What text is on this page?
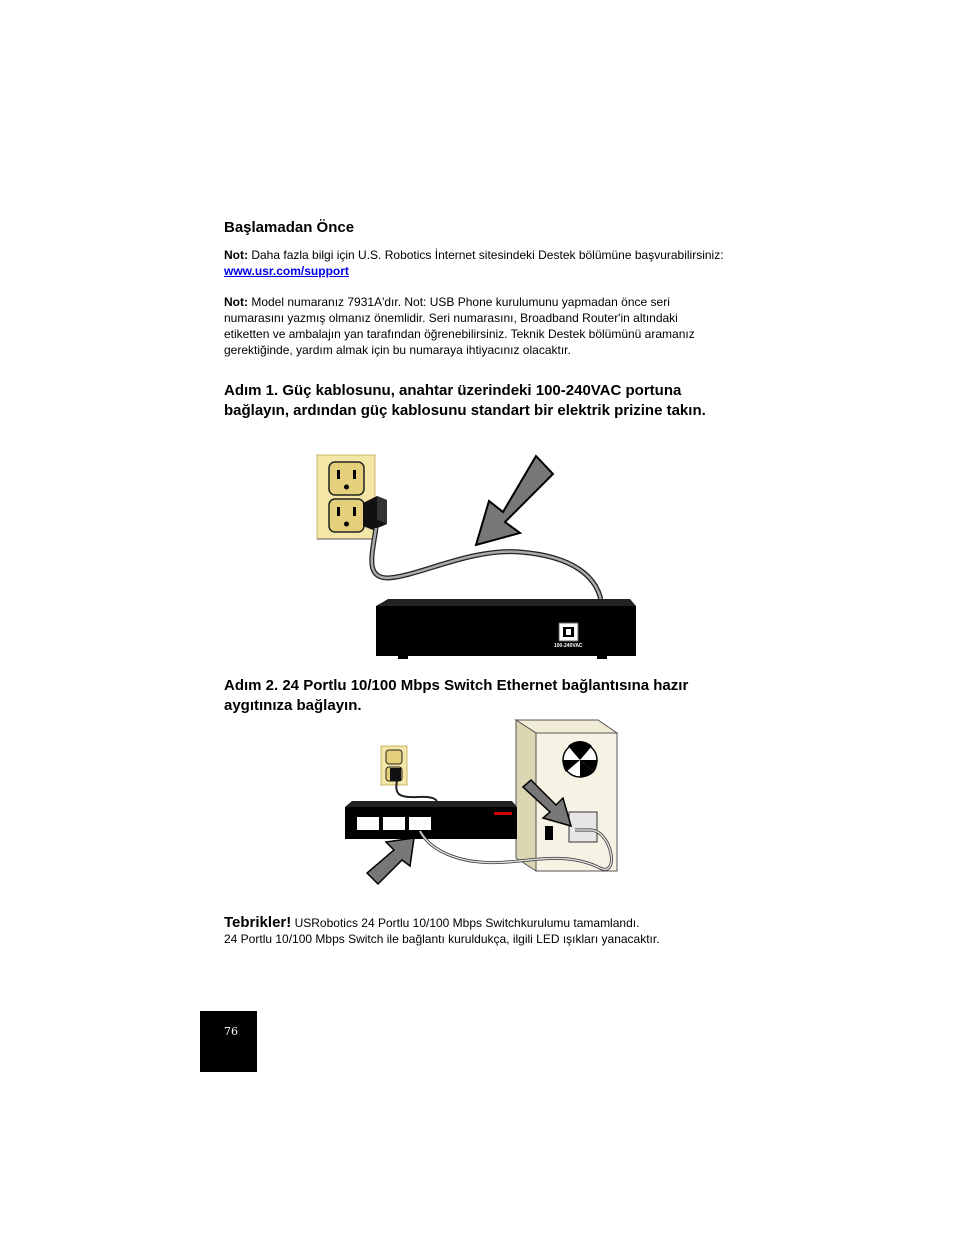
Başlamadan Önce
Not: Daha fazla bilgi için U.S. Robotics İnternet sitesindeki Destek bölümüne başvurabilirsiniz: www.usr.com/support
Not: Model numaranız 7931A'dır. Not: USB Phone kurulumunu yapmadan önce seri numarasını yazmış olmanız önemlidir. Seri numarasını, Broadband Router'in altındaki etiketten ve ambalajın yan tarafından öğrenebilirsiniz. Teknik Destek bölümünü aramanız gerektiğinde, yardım almak için bu numaraya ihtiyacınız olacaktır.
Adım 1. Güç kablosunu, anahtar üzerindeki 100-240VAC portuna bağlayın, ardından güç kablosunu standart bir elektrik prizine takın.
100-240VAC
Adım 2. 24 Portlu 10/100 Mbps Switch Ethernet bağlantısına hazır aygıtınıza bağlayın.
Tebrikler! USRobotics 24 Portlu 10/100 Mbps Switchkurulumu tamamlandı.
24 Portlu 10/100 Mbps Switch ile bağlantı kuruldukça, ilgili LED ışıkları yanacaktır.
76
